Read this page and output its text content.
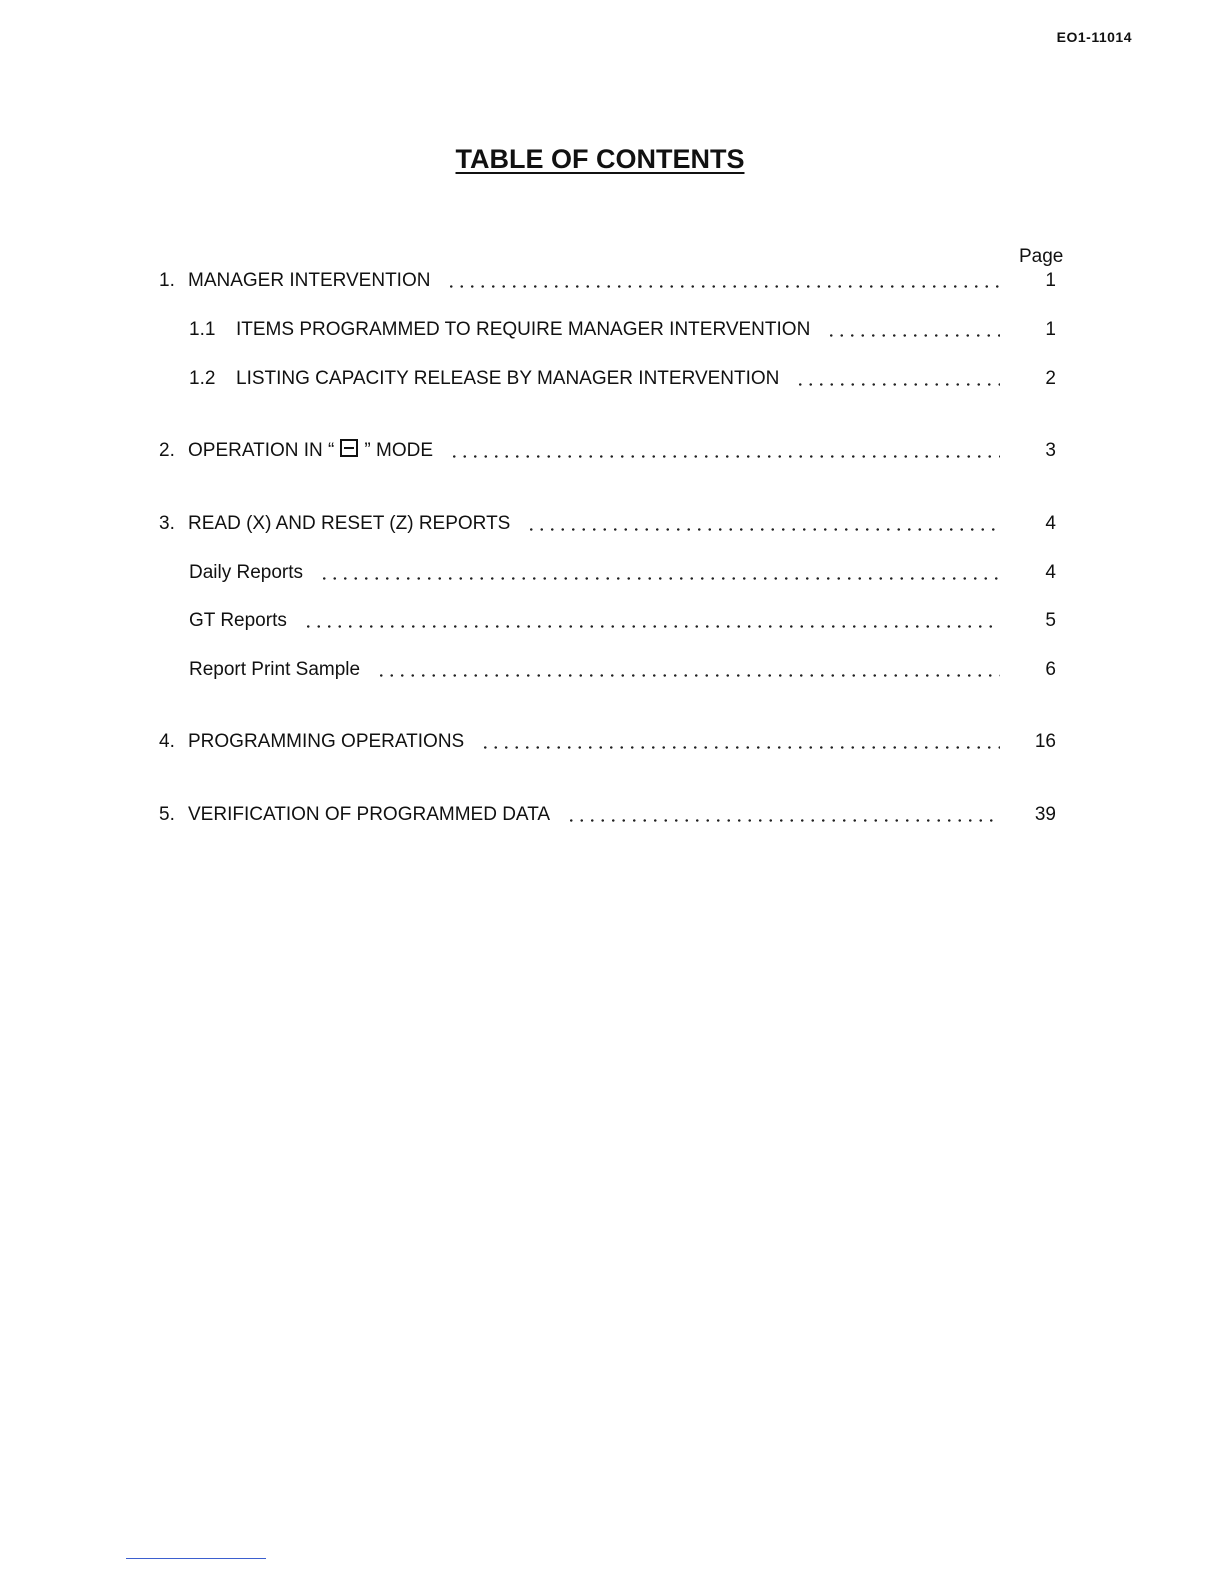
EO1-11014
TABLE OF CONTENTS
Page
1. MANAGER INTERVENTION	1
1.1 ITEMS PROGRAMMED TO REQUIRE MANAGER INTERVENTION	1
1.2 LISTING CAPACITY RELEASE BY MANAGER INTERVENTION	2
2. OPERATION IN “ ” MODE	3
3. READ (X) AND RESET (Z) REPORTS	4
Daily Reports	4
GT Reports	5
Report Print Sample	6
4. PROGRAMMING OPERATIONS	16
5. VERIFICATION OF PROGRAMMED DATA	39
